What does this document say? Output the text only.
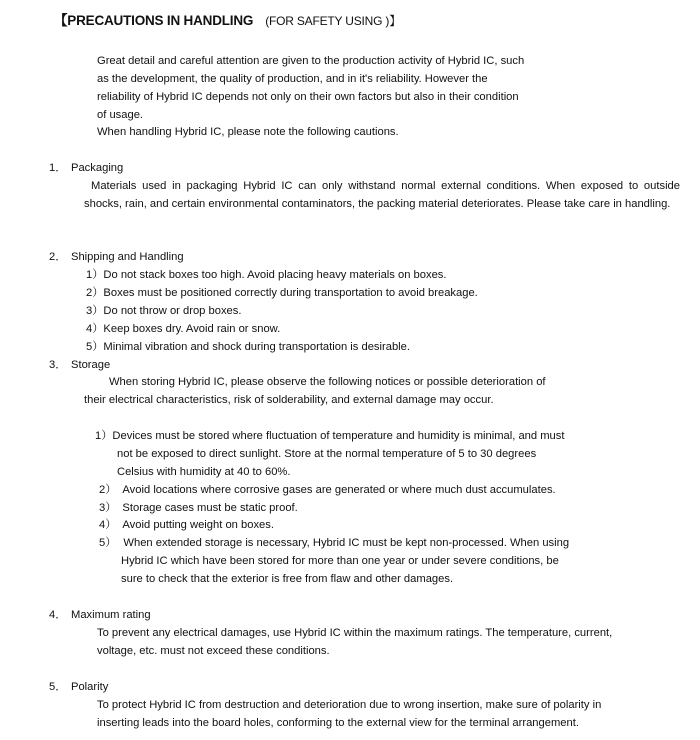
【PRECAUTIONS IN HANDLING (FOR SAFETY USING )】
Great detail and careful attention are given to the production activity of Hybrid IC, such
as the development, the quality of production, and in it's reliability. However the
reliability of Hybrid IC depends not only on their own factors but also in their condition
of usage.
When handling Hybrid IC, please note the following cautions.
1． Packaging
Materials used in packaging Hybrid IC can only withstand normal external conditions. When exposed to outside shocks, rain, and certain environmental contaminators, the packing material deteriorates. Please take care in handling.
2． Shipping and Handling
1）Do not stack boxes too high. Avoid placing heavy materials on boxes.
2）Boxes must be positioned correctly during transportation to avoid breakage.
3）Do not throw or drop boxes.
4）Keep boxes dry. Avoid rain or snow.
5）Minimal vibration and shock during transportation is desirable.
3． Storage
When storing Hybrid IC, please observe the following notices or possible deterioration of
their electrical characteristics, risk of solderability, and external damage may occur.
1）Devices must be stored where fluctuation of temperature and humidity is minimal, and must
not be exposed to direct sunlight. Store at the normal temperature of 5 to 30 degrees
Celsius with humidity at 40 to 60%.
2） Avoid locations where corrosive gases are generated or where much dust accumulates.
3） Storage cases must be static proof.
4） Avoid putting weight on boxes.
5） When extended storage is necessary, Hybrid IC must be kept non-processed. When using
Hybrid IC which have been stored for more than one year or under severe conditions, be
sure to check that the exterior is free from flaw and other damages.
4． Maximum rating
To prevent any electrical damages, use Hybrid IC within the maximum ratings. The temperature, current,
voltage, etc. must not exceed these conditions.
5． Polarity
To protect Hybrid IC from destruction and deterioration due to wrong insertion, make sure of polarity in
inserting leads into the board holes, conforming to the external view for the terminal arrangement.
